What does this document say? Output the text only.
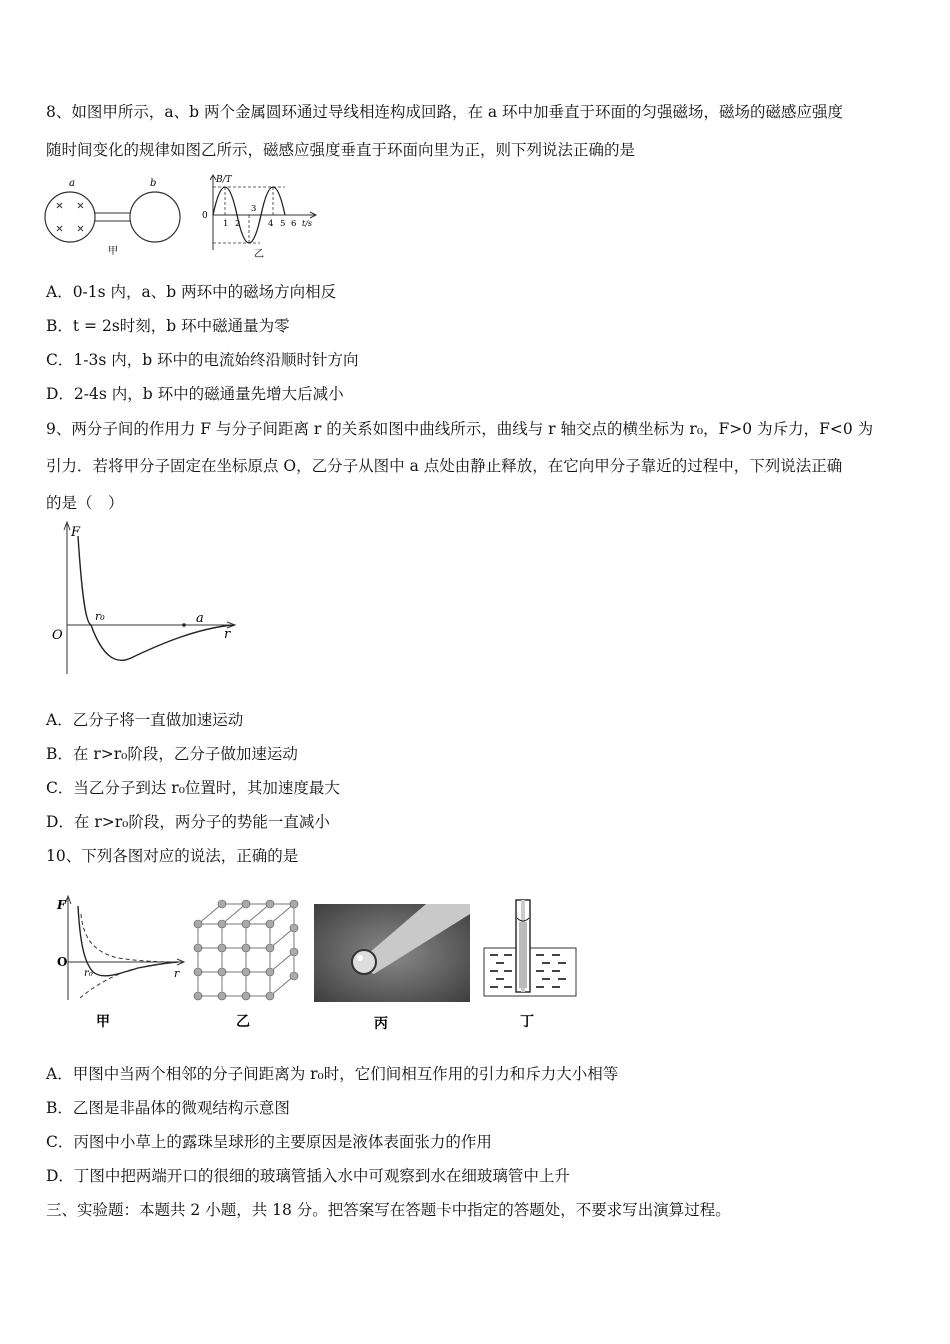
8、如图甲所示，a、b 两个金属圆环通过导线相连构成回路，在 a 环中加垂直于环面的匀强磁场，磁场的磁感应强度
随时间变化的规律如图乙所示，磁感应强度垂直于环面向里为正，则下列说法正确的是
a	b
甲
B/T
0
1 2
3
4 5 6 t/s
乙
A．0-1s 内，a、b 两环中的磁场方向相反
B．t = 2s时刻，b 环中磁通量为零
C．1-3s 内，b 环中的电流始终沿顺时针方向
D．2-4s 内，b 环中的磁通量先增大后减小
9、两分子间的作用力 F 与分子间距离 r 的关系如图中曲线所示，曲线与 r 轴交点的横坐标为 r₀，F>0 为斥力，F<0 为
引力．若将甲分子固定在坐标原点 O，乙分子从图中 a 点处由静止释放，在它向甲分子靠近的过程中，下列说法正确
的是（　）
F
O	r
r₀	a
A．乙分子将一直做加速运动
B．在 r>r₀阶段，乙分子做加速运动
C．当乙分子到达 r₀位置时，其加速度最大
D．在 r>r₀阶段，两分子的势能一直减小
10、下列各图对应的说法，正确的是
F
O
r
r₀
甲	乙	丙	丁
A．甲图中当两个相邻的分子间距离为 r₀时，它们间相互作用的引力和斥力大小相等
B．乙图是非晶体的微观结构示意图
C．丙图中小草上的露珠呈球形的主要原因是液体表面张力的作用
D．丁图中把两端开口的很细的玻璃管插入水中可观察到水在细玻璃管中上升
三、实验题：本题共 2 小题，共 18 分。把答案写在答题卡中指定的答题处，不要求写出演算过程。
